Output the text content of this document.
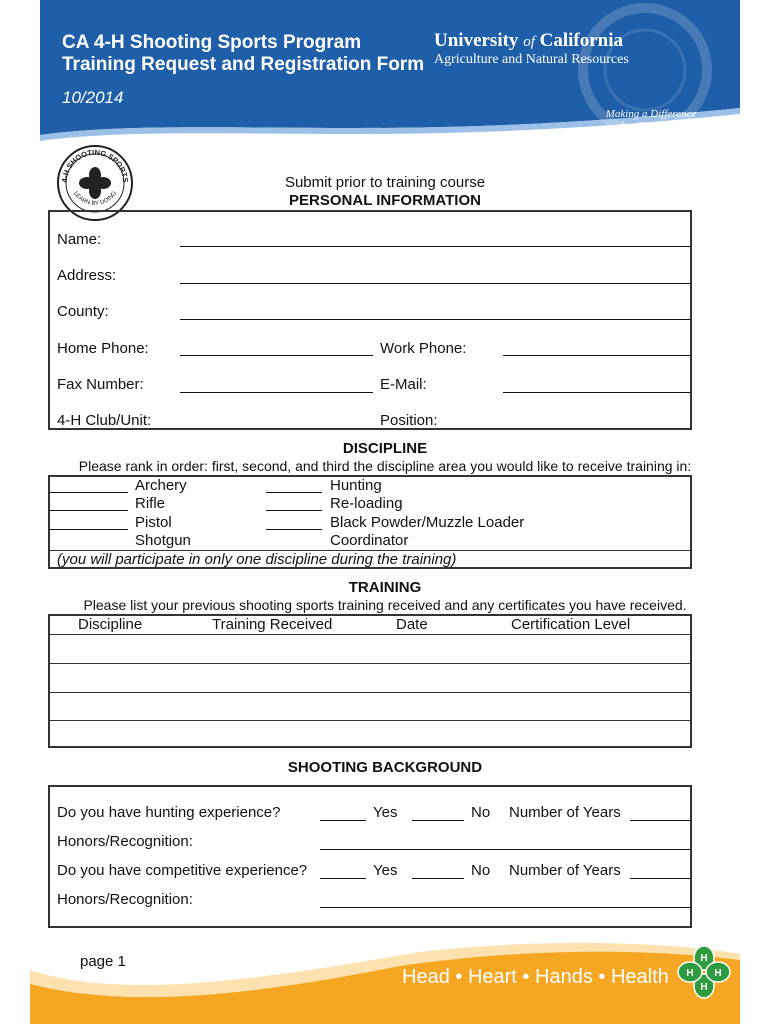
CA 4-H Shooting Sports Program
Training Request and Registration Form
10/2014
University of California
Agriculture and Natural Resources
Making a Difference
for California
4-H SHOOTING SPORTS
LEARN BY DOING
Submit prior to training course
PERSONAL INFORMATION
Name:
Address:
County:
Home Phone:	Work Phone:
Fax Number:	E-Mail:
4-H Club/Unit:	Position:
DISCIPLINE
Please rank in order: first, second, and third the discipline area you would like to receive training in:
Archery
Rifle
Pistol
Shotgun
Hunting
Re-loading
Black Powder/Muzzle Loader
Coordinator
(you will participate in only one discipline during the training)
TRAINING
Please list your previous shooting sports training received and any certificates you have received.
Discipline	Training Received	Date	Certification Level
SHOOTING BACKGROUND
Do you have hunting experience?	Yes	No Number of Years
Honors/Recognition:
Do you have competitive experience?	Yes	No Number of Years
Honors/Recognition:
page 1
Head • Heart • Hands • Health
H
H
H H
